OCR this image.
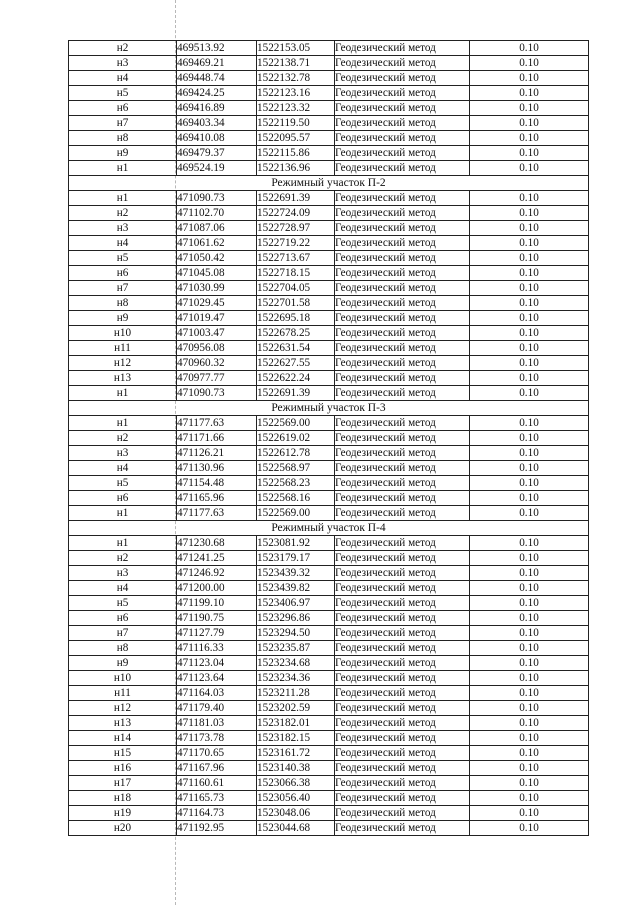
н2	469513.92	1522153.05	Геодезический метод	0.10
н3	469469.21	1522138.71	Геодезический метод	0.10
н4	469448.74	1522132.78	Геодезический метод	0.10
н5	469424.25	1522123.16	Геодезический метод	0.10
н6	469416.89	1522123.32	Геодезический метод	0.10
н7	469403.34	1522119.50	Геодезический метод	0.10
н8	469410.08	1522095.57	Геодезический метод	0.10
н9	469479.37	1522115.86	Геодезический метод	0.10
н1	469524.19	1522136.96	Геодезический метод	0.10
Режимный участок П-2				
н1	471090.73	1522691.39	Геодезический метод	0.10
н2	471102.70	1522724.09	Геодезический метод	0.10
н3	471087.06	1522728.97	Геодезический метод	0.10
н4	471061.62	1522719.22	Геодезический метод	0.10
н5	471050.42	1522713.67	Геодезический метод	0.10
н6	471045.08	1522718.15	Геодезический метод	0.10
н7	471030.99	1522704.05	Геодезический метод	0.10
н8	471029.45	1522701.58	Геодезический метод	0.10
н9	471019.47	1522695.18	Геодезический метод	0.10
н10	471003.47	1522678.25	Геодезический метод	0.10
н11	470956.08	1522631.54	Геодезический метод	0.10
н12	470960.32	1522627.55	Геодезический метод	0.10
н13	470977.77	1522622.24	Геодезический метод	0.10
н1	471090.73	1522691.39	Геодезический метод	0.10
Режимный участок П-3				
н1	471177.63	1522569.00	Геодезический метод	0.10
н2	471171.66	1522619.02	Геодезический метод	0.10
н3	471126.21	1522612.78	Геодезический метод	0.10
н4	471130.96	1522568.97	Геодезический метод	0.10
н5	471154.48	1522568.23	Геодезический метод	0.10
н6	471165.96	1522568.16	Геодезический метод	0.10
н1	471177.63	1522569.00	Геодезический метод	0.10
Режимный участок П-4				
н1	471230.68	1523081.92	Геодезический метод	0.10
н2	471241.25	1523179.17	Геодезический метод	0.10
н3	471246.92	1523439.32	Геодезический метод	0.10
н4	471200.00	1523439.82	Геодезический метод	0.10
н5	471199.10	1523406.97	Геодезический метод	0.10
н6	471190.75	1523296.86	Геодезический метод	0.10
н7	471127.79	1523294.50	Геодезический метод	0.10
н8	471116.33	1523235.87	Геодезический метод	0.10
н9	471123.04	1523234.68	Геодезический метод	0.10
н10	471123.64	1523234.36	Геодезический метод	0.10
н11	471164.03	1523211.28	Геодезический метод	0.10
н12	471179.40	1523202.59	Геодезический метод	0.10
н13	471181.03	1523182.01	Геодезический метод	0.10
н14	471173.78	1523182.15	Геодезический метод	0.10
н15	471170.65	1523161.72	Геодезический метод	0.10
н16	471167.96	1523140.38	Геодезический метод	0.10
н17	471160.61	1523066.38	Геодезический метод	0.10
н18	471165.73	1523056.40	Геодезический метод	0.10
н19	471164.73	1523048.06	Геодезический метод	0.10
н20	471192.95	1523044.68	Геодезический метод	0.10
